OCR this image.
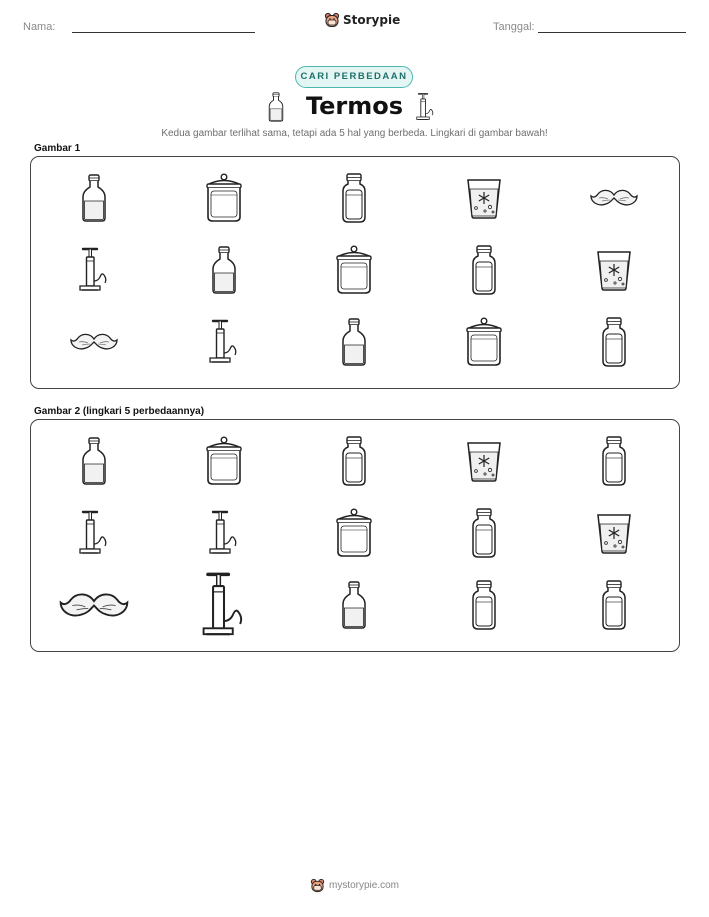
Nama:	Storypie	Tanggal:
CARI PERBEDAAN
Termos
Kedua gambar terlihat sama, tetapi ada 5 hal yang berbeda. Lingkari di gambar bawah!
Gambar 1
Gambar 2 (lingkari 5 perbedaannya)
mystorypie.com
